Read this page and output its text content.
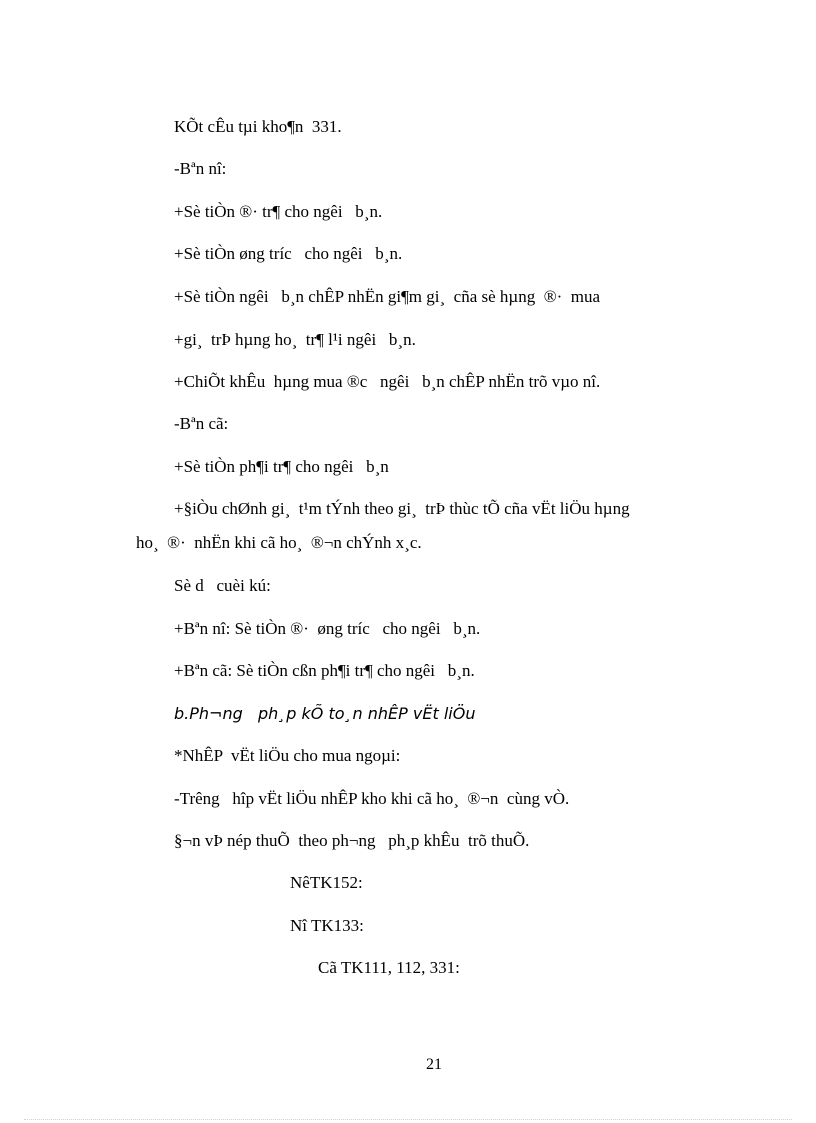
KÕt cÊu tµi kho¶n  331.
-Bªn nî:
+Sè tiÒn ®· tr¶ cho ngêi   b¸n.
+Sè tiÒn øng tríc   cho ngêi   b¸n.
+Sè tiÒn ngêi   b¸n chÊP nhËn gi¶m gi¸  cña sè hµng  ®·  mua
+gi¸  trÞ hµng ho¸  tr¶ l¹i ngêi   b¸n.
+ChiÕt khÊu  hµng mua ®c   ngêi   b¸n chÊP nhËn trõ vµo nî.
-Bªn cã:
+Sè tiÒn ph¶i tr¶ cho ngêi   b¸n
+§iÒu chØnh gi¸  t¹m tÝnh theo gi¸  trÞ thùc tÕ cña vËt liÖu hµng
ho¸  ®·  nhËn khi cã ho¸  ®¬n chÝnh x¸c.
Sè d   cuèi kú:
+Bªn nî: Sè tiÒn ®·  øng tríc   cho ngêi   b¸n.
+Bªn cã: Sè tiÒn cßn ph¶i tr¶ cho ngêi   b¸n.
b.Ph¬ng   ph¸p kÕ to¸n nhÊP vËt liÖu
*NhÊP  vËt liÖu cho mua ngoµi:
-Trêng   hîp vËt liÖu nhÊP kho khi cã ho¸  ®¬n  cùng vÒ.
§¬n vÞ nép thuÕ  theo ph¬ng   ph¸p khÊu  trõ thuÕ.
NêTK152:
Nî TK133:
Cã TK111, 112, 331:
21
